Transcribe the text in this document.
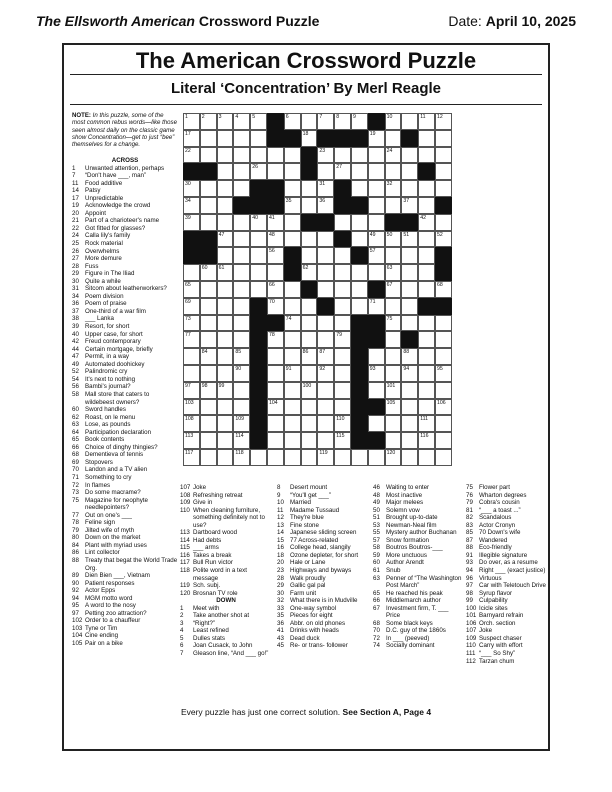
The Ellsworth American Crossword Puzzle	Date: April 10, 2025
The American Crossword Puzzle
Literal ‘Concentration’ By Merl Reagle
NOTE: In this puzzle, some of the most common rebus words—like those seen almost daily on the classic game show Concentration—get to just “bee” themselves for a change.
ACROSS
1	Unwanted attention, perhaps
7	“Don't have ___, man”
11	Food additive
14 Patsy
17 Unpredictable
19 Acknowledge the crowd
20 Appoint
21 Part of a charioteer's name
22 Got fitted for glasses?
24 Calla lily's family
25 Rock material
26 Overwhelms
27 More demure
28 Fuss
29 Figure in The Iliad
30 Quite a while
31 Sitcom about leatherworkers?
34 Poem division
36 Poem of praise
37 One-third of a war film
38 ___ Lanka
39 Resort, for short
40 Upper case, for short
42 Freud contemporary
44 Certain mortgage, briefly
47 Permit, in a way
49 Automated doohickey
52 Palindromic cry
54 It's next to nothing
56 Bambi's journal?
58 Mall store that caters to wildebeest owners?
60 Sword handles
62 Roast, on le menu
63 Lose, as pounds
64 Participation declaration
65 Book contents
66 Choice of dinghy thingies?
68 Dementieva of tennis
69 Stopovers
70 Landon and a TV alien
71 Something to cry
72 In flames
73 Do some macrame?
75 Magazine for neophyte needlepointers?
77 Out on one's ___
78 Feline sign
79 Jilted wife of myth
80 Down on the market
84 Plant with myriad uses
86 Lint collector
88 Treaty that begat the World Trade Org.
89 Dien Bien ___, Vietnam
90 Patient responses
92 Actor Epps
94 MGM motto word
95 A word to the nosy
97 Petting zoo attraction?
102 Order to a chauffeur
103 Tyne or Tim
104 Cine ending
105 Pair on a bike
1	2	3	4	5	6	7	8	9	10	11 12
17	18	19
22	23	24
26	27
30	31	32
34	35	36	37
39	40 41	42
47	48	49 50 51	52
56	57
60 61	62	63
65	66	67	68
69	70	71
73	74	75
77	78	79
84	85	86 87	88
90	91	92	93	94	95
97 98 99	100	101
103	104	105	106
108	109	110	111
113	114	115	116
117	118	119	120
107 Joke
108 Refreshing retreat
109 Give in
110 When cleaning furniture, something definitely not to use?
113 Dartboard wood
114 Had debts
115 ___ arms
116 Takes a break
117 Bull Run victor
118 Polite word in a text message
119 Sch. subj.
120 Brosnan TV role
DOWN
1	Meet with
2	Take another shot at
3	“Right?”
4	Least refined
5	Dulles stats
6	Joan Cusack, to John
7	Gleason line, “And ___ go!”
8	Desert mount
9	“You'll get ___”
10 Married
11	Madame Tussaud
12 They're blue
13 Fine stone
14 Japanese sliding screen
15 77 Across-related
16 College head, slangily
18 Ozone depleter, for short
20 Hale or Lane
23 Highways and byways
28 Walk proudly
29 Gallic gal pal
30 Farm unit
32 What there is in Mudville
33 One-way symbol
35 Pieces for eight
36 Abbr. on old phones
41 Drinks with heads
43 Dead duck
45 Re- or trans- follower
46 Waiting to enter
48 Most inactive
49 Major melees
50 Solemn vow
51 Brought up-to-date
53 Newman-Neal film
55 Mystery author Buchanan
57 Snow formation
58 Boutros Boutros-___
59 More unctuous
60 Author Arendt
61 Snub
63 Penner of “The Washington Post March”
65 He reached his peak
66 Middlemarch author
67 Investment firm, T. ___ Price
68 Some black keys
70 D.C. guy of the 1860s
72 In ___ (peeved)
74 Socially dominant
75 Flower part
76 Wharton degrees
79 Cobra's cousin
81 “___ a toast ...”
82 Scandalous
83 Actor Cronyn
85 70 Down's wife
87 Wandered
88 Eco-friendly
91 Illegible signature
93 Do over, as a resume
94 Right ___ (exact justice)
96 Virtuous
97 Car with Teletouch Drive
98 Syrup flavor
99 Culpability
100 Icicle sites
101 Barnyard refrain
106 Orch. section
107 Joke
109 Suspect chaser
110 Carry with effort
111 “___ So Shy”
112 Tarzan chum
Every puzzle has just one correct solution. See Section A, Page 4
